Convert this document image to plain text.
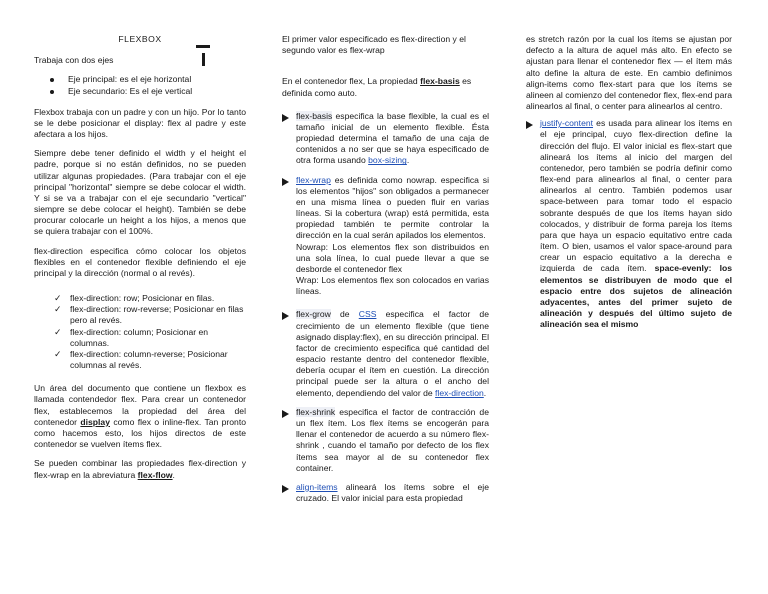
FLEXBOX

Trabaja con dos ejes

Eje principal: es el eje horizontal
Eje secundario: Es el eje vertical

Flexbox trabaja con un padre y con un hijo. Por lo tanto se le debe posicionar el display: flex al padre y este afectara a los hijos.

Siempre debe tener definido el width y el height el padre, porque si no están definidos, no se pueden utilizar algunas propiedades. (Para trabajar con el eje principal "horizontal" siempre se debe colocar el width. Y si se va a trabajar con el eje secundario "vertical" siempre se debe colocar el height). También se debe procurar colocarle un height a los hijos, a menos que se quiera trabajar con el 100%.

flex-direction especifica cómo colocar los objetos flexibles en el contenedor flexible definiendo el eje principal y la dirección (normal o al revés).

✓ flex-direction: row; Posicionar en filas.
✓ flex-direction: row-reverse; Posicionar en filas pero al revés.
✓ flex-direction: column; Posicionar en columnas.
✓ flex-direction: column-reverse; Posicionar columnas al revés.

Un área del documento que contiene un flexbox es llamada contendedor flex. Para crear un contenedor flex, establecemos la propiedad del área del contenedor display como flex o inline-flex. Tan pronto como hacemos esto, los hijos directos de este contenedor se vuelven ítems flex.

Se pueden combinar las propiedades flex-direction y flex-wrap en la abreviatura flex-flow.

El primer valor especificado es flex-direction y el segundo valor es flex-wrap

En el contenedor flex, La propiedad flex-basis es definida como auto.

flex-basis especifica la base flexible, la cual es el tamaño inicial de un elemento flexible. Ésta propiedad determina el tamaño de una caja de contenidos a no ser que se haya especificado de otra forma usando box-sizing.
flex-wrap es definida como nowrap. especifica si los elementos "hijos" son obligados a permanecer en una misma línea o pueden fluir en varias líneas. Si la cobertura (wrap) está permitida, esta propiedad también te permite controlar la dirección en la cual serán apilados los elementos.
Nowrap: Los elementos flex son distribuidos en una sola línea, lo cual puede llevar a que se desborde el contenedor flex
Wrap: Los elementos flex son colocados en varias líneas.
flex-grow de CSS especifica el factor de crecimiento de un elemento flexible (que tiene asignado display:flex), en su dirección principal. El factor de crecimiento especifica qué cantidad del espacio restante dentro del contenedor flexible, debería ocupar el ítem en cuestión. La dirección principal puede ser la altura o el ancho del elemento, dependiendo del valor de flex-direction.
flex-shrink especifica el factor de contracción de un flex ítem. Los flex ítems se encogerán para llenar el contenedor de acuerdo a su número flex-shrink , cuando el tamaño por defecto de los flex ítems sea mayor al de su contenedor flex container.
align-items alineará los ítems sobre el eje cruzado. El valor inicial para esta propiedad

es stretch razón por la cual los ítems se ajustan por defecto a la altura de aquel más alto. En efecto se ajustan para llenar el contenedor flex — el ítem más alto define la altura de este. En cambio definimos align-items como flex-start para que los ítems se alineen al comienzo del contenedor flex, flex-end para alinearlos al final, o center para alinearlos al centro.

justify-content es usada para alinear los ítems en el eje principal, cuyo flex-direction define la dirección del flujo. El valor inicial es flex-start que alineará los ítems al inicio del margen del contenedor, pero también se podría definir como flex-end para alinearlos al final, o center para alinearlos al centro. También podemos usar space-between para tomar todo el espacio sobrante después de que los ítems hayan sido colocados, y distribuir de forma pareja los ítems para que haya un espacio equitativo entre cada ítem. O bien, usamos el valor space-around para crear un espacio equitativo a la derecha e izquierda de cada ítem. space-evenly: los elementos se distribuyen de modo que el espacio entre dos sujetos de alineación adyacentes, antes del primer sujeto de alineación y después del último sujeto de alineación sea el mismo
